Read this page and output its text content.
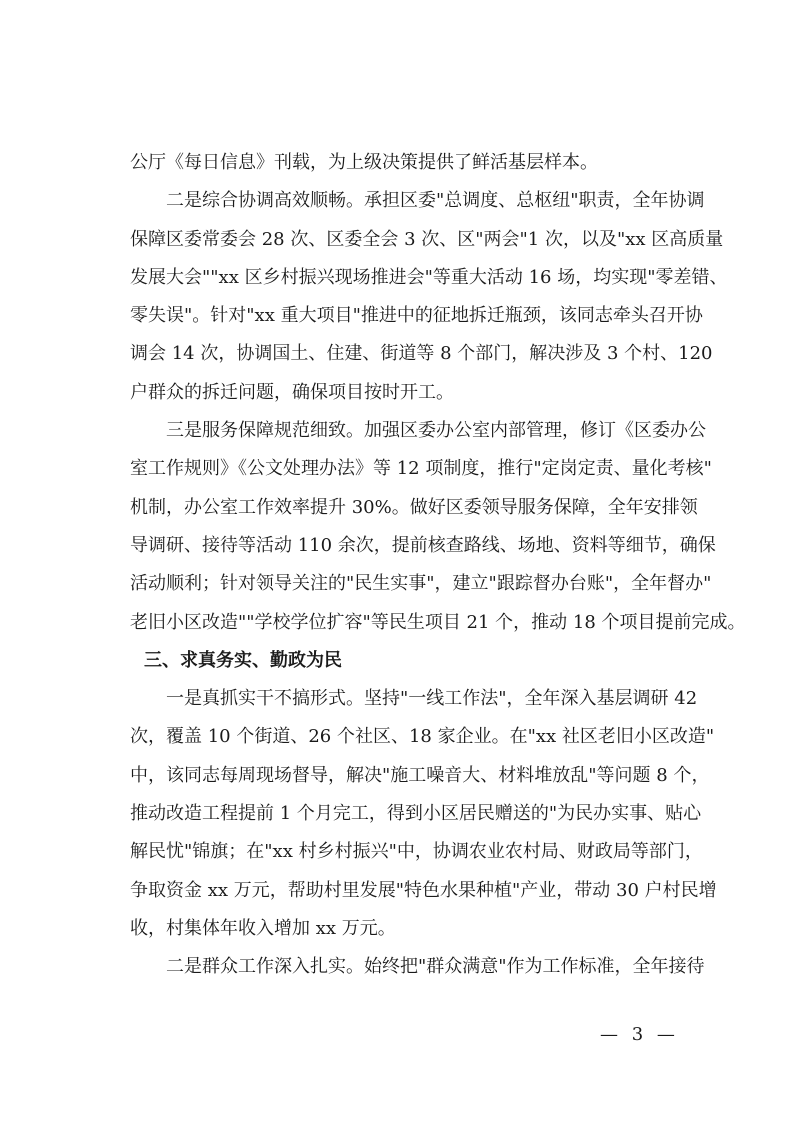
公厅《每日信息》刊载，为上级决策提供了鲜活基层样本。
二是综合协调高效顺畅。承担区委"总调度、总枢纽"职责，全年协调
保障区委常委会 28 次、区委全会 3 次、区"两会"1 次，以及"xx 区高质量
发展大会""xx 区乡村振兴现场推进会"等重大活动 16 场，均实现"零差错、
零失误"。针对"xx 重大项目"推进中的征地拆迁瓶颈，该同志牵头召开协
调会 14 次，协调国土、住建、街道等 8 个部门，解决涉及 3 个村、120
户群众的拆迁问题，确保项目按时开工。
三是服务保障规范细致。加强区委办公室内部管理，修订《区委办公
室工作规则》《公文处理办法》等 12 项制度，推行"定岗定责、量化考核"
机制，办公室工作效率提升 30%。做好区委领导服务保障，全年安排领
导调研、接待等活动 110 余次，提前核查路线、场地、资料等细节，确保
活动顺利；针对领导关注的"民生实事"，建立"跟踪督办台账"，全年督办"
老旧小区改造""学校学位扩容"等民生项目 21 个，推动 18 个项目提前完成。
三、求真务实、勤政为民
一是真抓实干不搞形式。坚持"一线工作法"，全年深入基层调研 42
次，覆盖 10 个街道、26 个社区、18 家企业。在"xx 社区老旧小区改造"
中，该同志每周现场督导，解决"施工噪音大、材料堆放乱"等问题 8 个，
推动改造工程提前 1 个月完工，得到小区居民赠送的"为民办实事、贴心
解民忧"锦旗；在"xx 村乡村振兴"中，协调农业农村局、财政局等部门，
争取资金 xx 万元，帮助村里发展"特色水果种植"产业，带动 30 户村民增
收，村集体年收入增加 xx 万元。
二是群众工作深入扎实。始终把"群众满意"作为工作标准，全年接待
— 3 —
